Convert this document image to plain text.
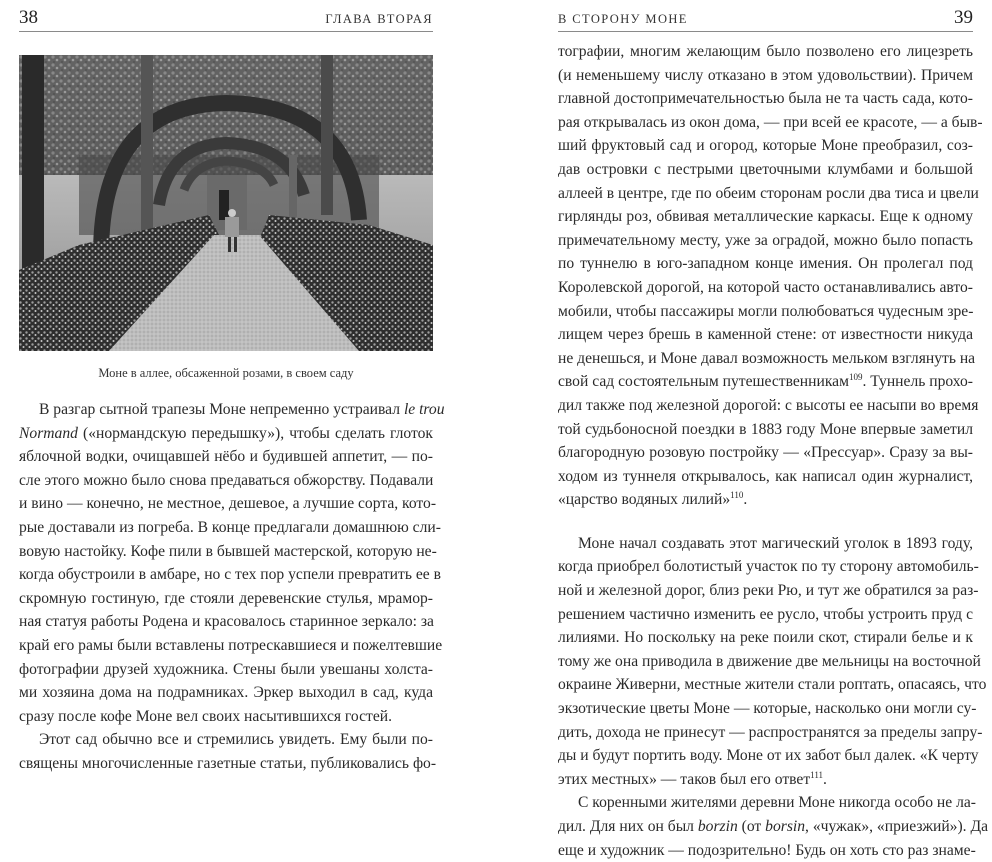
38	ГЛАВА ВТОРАЯ
Моне в аллее, обсаженной розами, в своем саду
В разгар сытной трапезы Моне непременно устраивал le trou
Normand («нормандскую передышку»), чтобы сделать глоток
яблочной водки, очищавшей нёбо и будившей аппетит, — по-
сле этого можно было снова предаваться обжорству. Подавали
и вино — конечно, не местное, дешевое, а лучшие сорта, кото-
рые доставали из погреба. В конце предлагали домашнюю сли-
вовую настойку. Кофе пили в бывшей мастерской, которую не-
когда обустроили в амбаре, но с тех пор успели превратить ее в
скромную гостиную, где стояли деревенские стулья, мрамор-
ная статуя работы Родена и красовалось старинное зеркало: за
край его рамы были вставлены потрескавшиеся и пожелтевшие
фотографии друзей художника. Стены были увешаны холста-
ми хозяина дома на подрамниках. Эркер выходил в сад, куда
сразу после кофе Моне вел своих насытившихся гостей.
Этот сад обычно все и стремились увидеть. Ему были по-
священы многочисленные газетные статьи, публиковались фо-
В СТОРОНУ МОНЕ	39
тографии, многим желающим было позволено его лицезреть
(и неменьшему числу отказано в этом удовольствии). Причем
главной достопримечательностью была не та часть сада, кото-
рая открывалась из окон дома, — при всей ее красоте, — а быв-
ший фруктовый сад и огород, которые Моне преобразил, соз-
дав островки с пестрыми цветочными клумбами и большой
аллеей в центре, где по обеим сторонам росли два тиса и цвели
гирлянды роз, обвивая металлические каркасы. Еще к одному
примечательному месту, уже за оградой, можно было попасть
по туннелю в юго-западном конце имения. Он пролегал под
Королевской дорогой, на которой часто останавливались авто-
мобили, чтобы пассажиры могли полюбоваться чудесным зре-
лищем через брешь в каменной стене: от известности никуда
не денешься, и Моне давал возможность мельком взглянуть на
свой сад состоятельным путешественникам$^{109}$. Туннель прохо-
дил также под железной дорогой: с высоты ее насыпи во время
той судьбоносной поездки в 1883 году Моне впервые заметил
благородную розовую постройку — «Прессуар». Сразу за вы-
ходом из туннеля открывалось, как написал один журналист,
«царство водяных лилий»$^{110}$.
Моне начал создавать этот магический уголок в 1893 году,
когда приобрел болотистый участок по ту сторону автомобиль-
ной и железной дорог, близ реки Рю, и тут же обратился за раз-
решением частично изменить ее русло, чтобы устроить пруд с
лилиями. Но поскольку на реке поили скот, стирали белье и к
тому же она приводила в движение две мельницы на восточной
окраине Живерни, местные жители стали роптать, опасаясь, что
экзотические цветы Моне — которые, насколько они могли су-
дить, дохода не принесут — распространятся за пределы запру-
ды и будут портить воду. Моне от их забот был далек. «К черту
этих местных» — таков был его ответ$^{111}$.
С коренными жителями деревни Моне никогда особо не ла-
дил. Для них он был borzin (от borsin, «чужак», «приезжий»). Да
еще и художник — подозрительно! Будь он хоть сто раз знаме-
